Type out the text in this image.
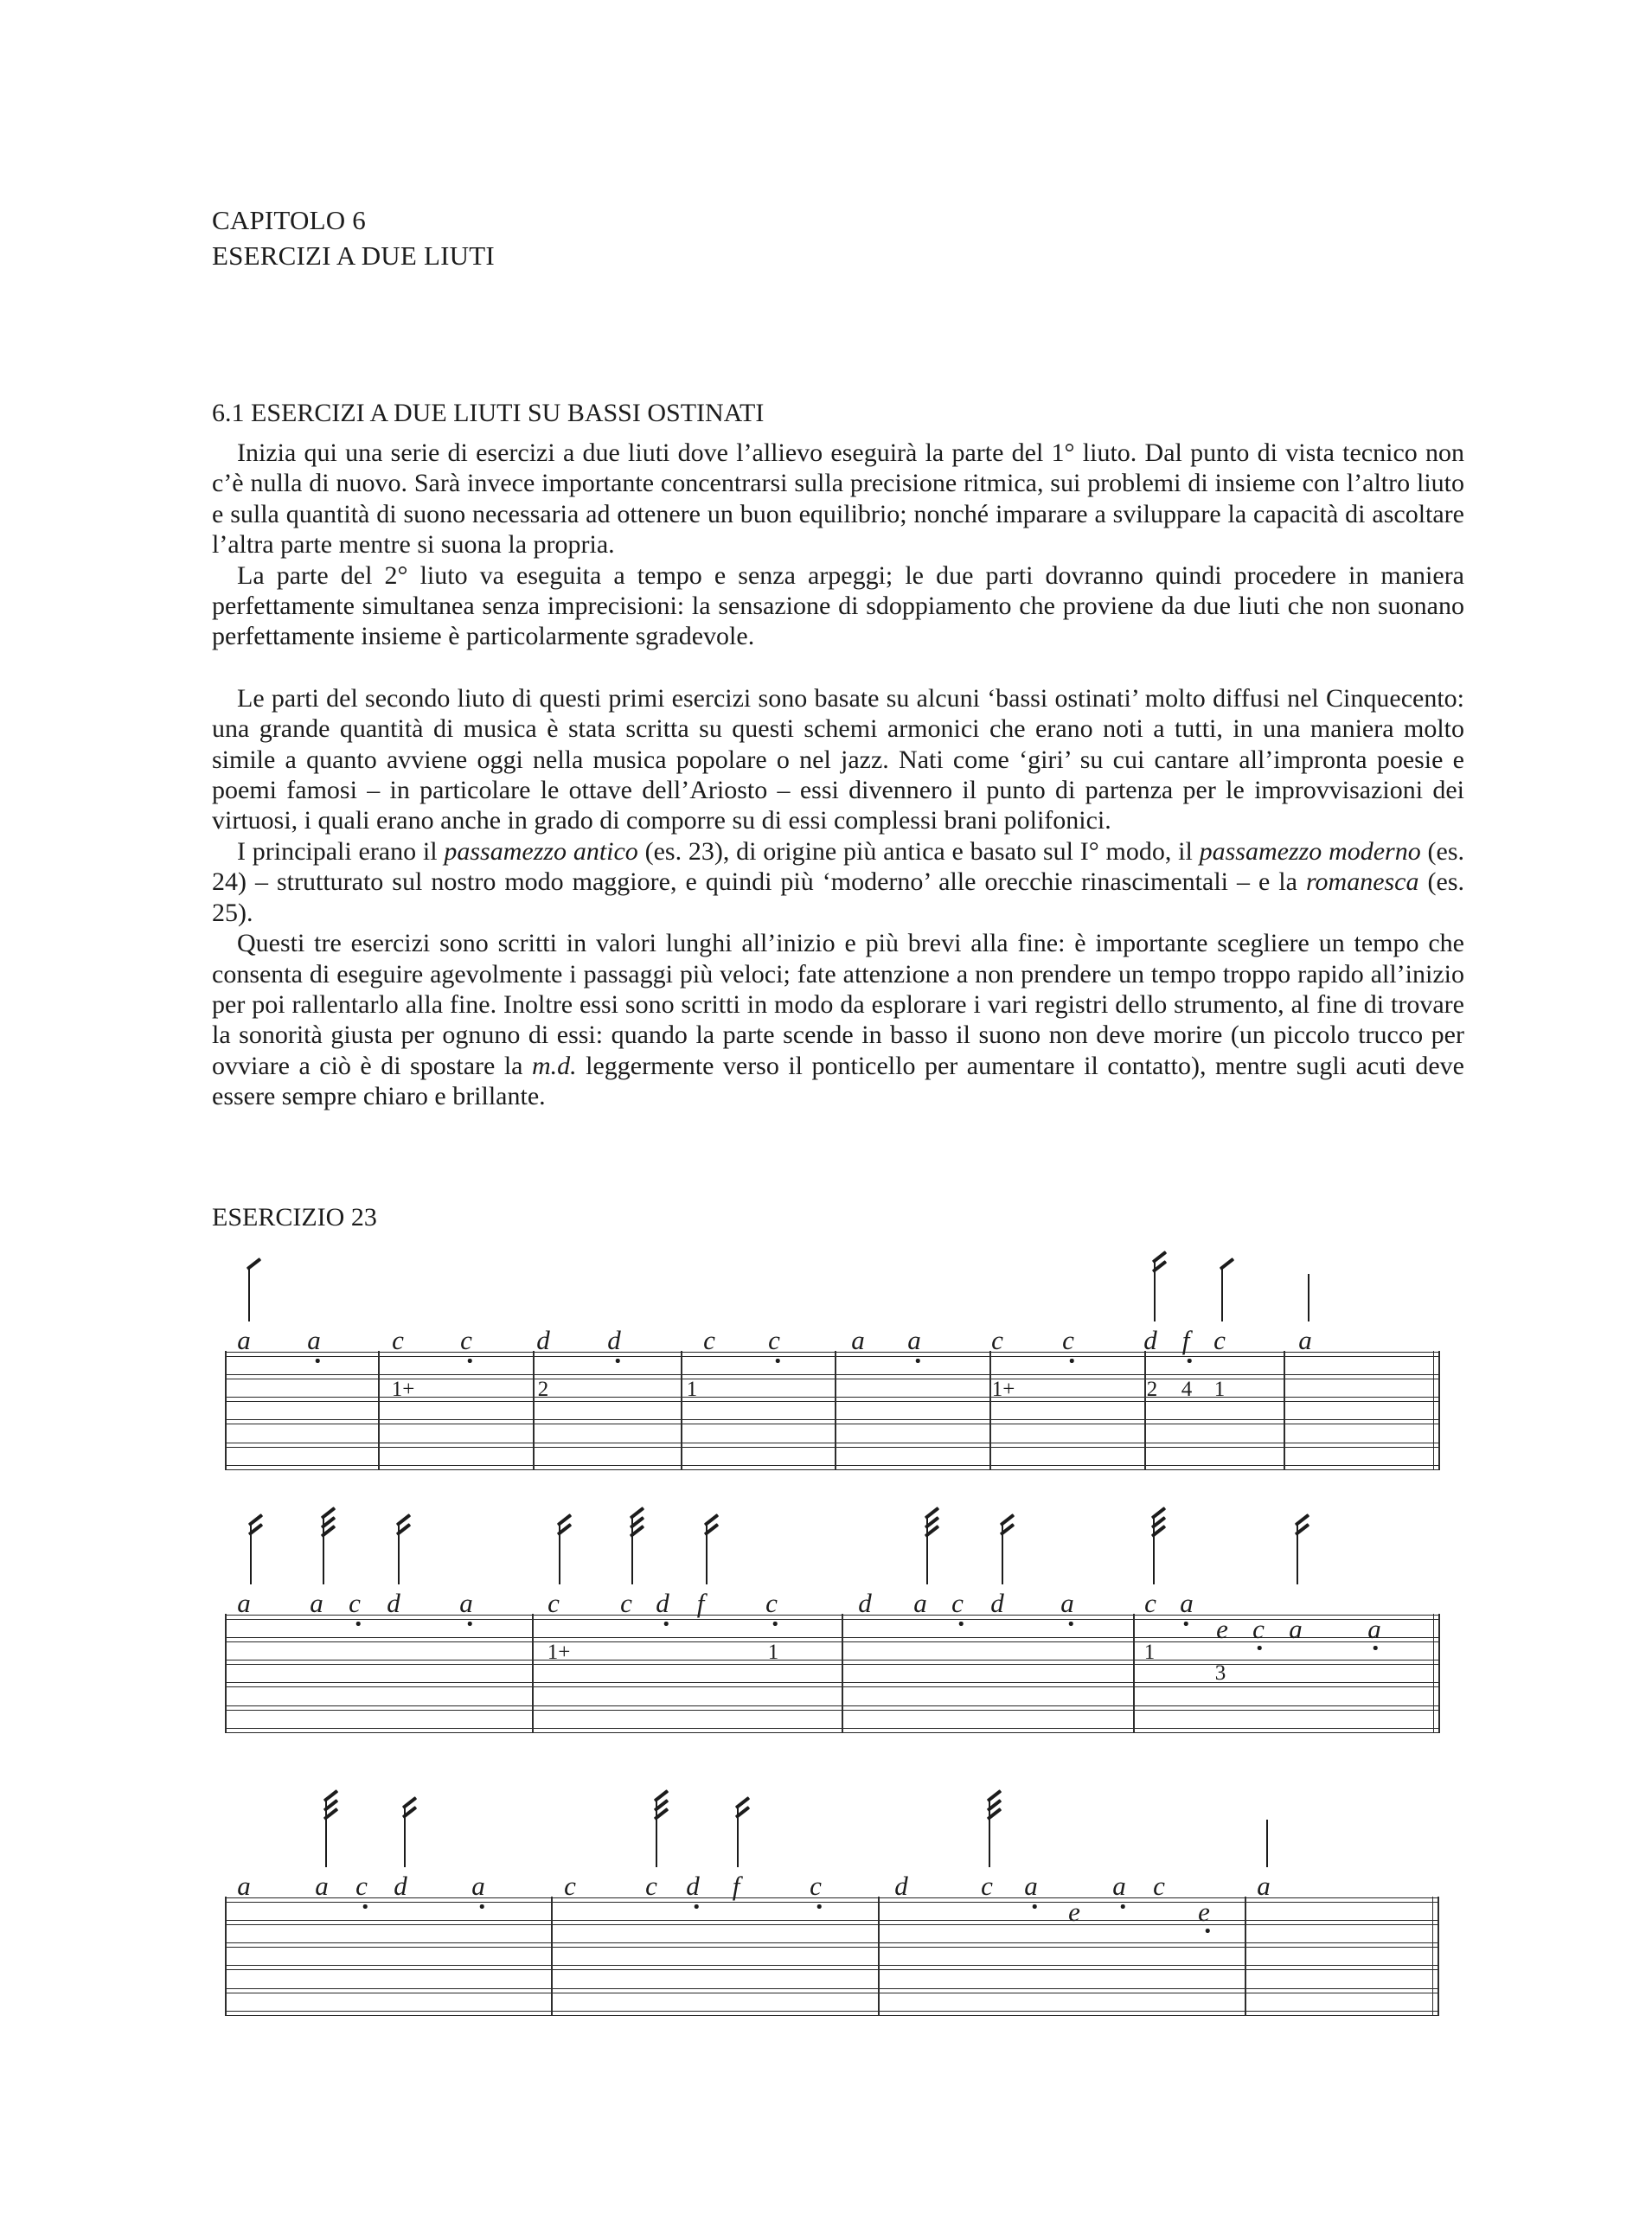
CAPITOLO 6
ESERCIZI A DUE LIUTI
6.1 ESERCIZI A DUE LIUTI SU BASSI OSTINATI

Inizia qui una serie di esercizi a due liuti dove l’allievo eseguirà la parte del 1° liuto. Dal punto di vista tecnico non c’è nulla di nuovo. Sarà invece importante concentrarsi sulla precisione ritmica, sui problemi di insieme con l’altro liuto e sulla quantità di suono necessaria ad ottenere un buon equilibrio; nonché imparare a sviluppare la capacità di ascoltare l’altra parte mentre si suona la propria.

La parte del 2° liuto va eseguita a tempo e senza arpeggi; le due parti dovranno quindi procedere in maniera perfettamente simultanea senza imprecisioni: la sensazione di sdoppiamento che proviene da due liuti che non suonano perfettamente insieme è particolarmente sgradevole.

Le parti del secondo liuto di questi primi esercizi sono basate su alcuni ‘bassi ostinati’ molto diffusi nel Cinquecento: una grande quantità di musica è stata scritta su questi schemi armonici che erano noti a tutti, in una maniera molto simile a quanto avviene oggi nella musica popolare o nel jazz. Nati come ‘giri’ su cui cantare all’impronta poesie e poemi famosi – in particolare le ottave dell’Ariosto – essi divennero il punto di partenza per le improvvisazioni dei virtuosi, i quali erano anche in grado di comporre su di essi complessi brani polifonici.

I principali erano il passamezzo antico (es. 23), di origine più antica e basato sul I° modo, il passamezzo moderno (es. 24) – strutturato sul nostro modo maggiore, e quindi più ‘moderno’ alle orecchie rinascimentali – e la romanesca (es. 25).

Questi tre esercizi sono scritti in valori lunghi all’inizio e più brevi alla fine: è importante scegliere un tempo che consenta di eseguire agevolmente i passaggi più veloci; fate attenzione a non prendere un tempo troppo rapido all’inizio per poi rallentarlo alla fine. Inoltre essi sono scritti in modo da esplorare i vari registri dello strumento, al fine di trovare la sonorità giusta per ognuno di essi: quando la parte scende in basso il suono non deve morire (un piccolo trucco per ovviare a ciò è di spostare la m.d. leggermente verso il ponticello per aumentare il contatto), mentre sugli acuti deve essere sempre chiaro e brillante.

ESERCIZIO 23
a a	c c d d	c c	a a	c c	d f c	a
1+	2	1	1+	2 4 1
a a c d a	c c d f c	d a c d a	c a
e c a a
1+	1	1
3
a a c d a	c	c d f	c	d	c a	a c	a
e	e
